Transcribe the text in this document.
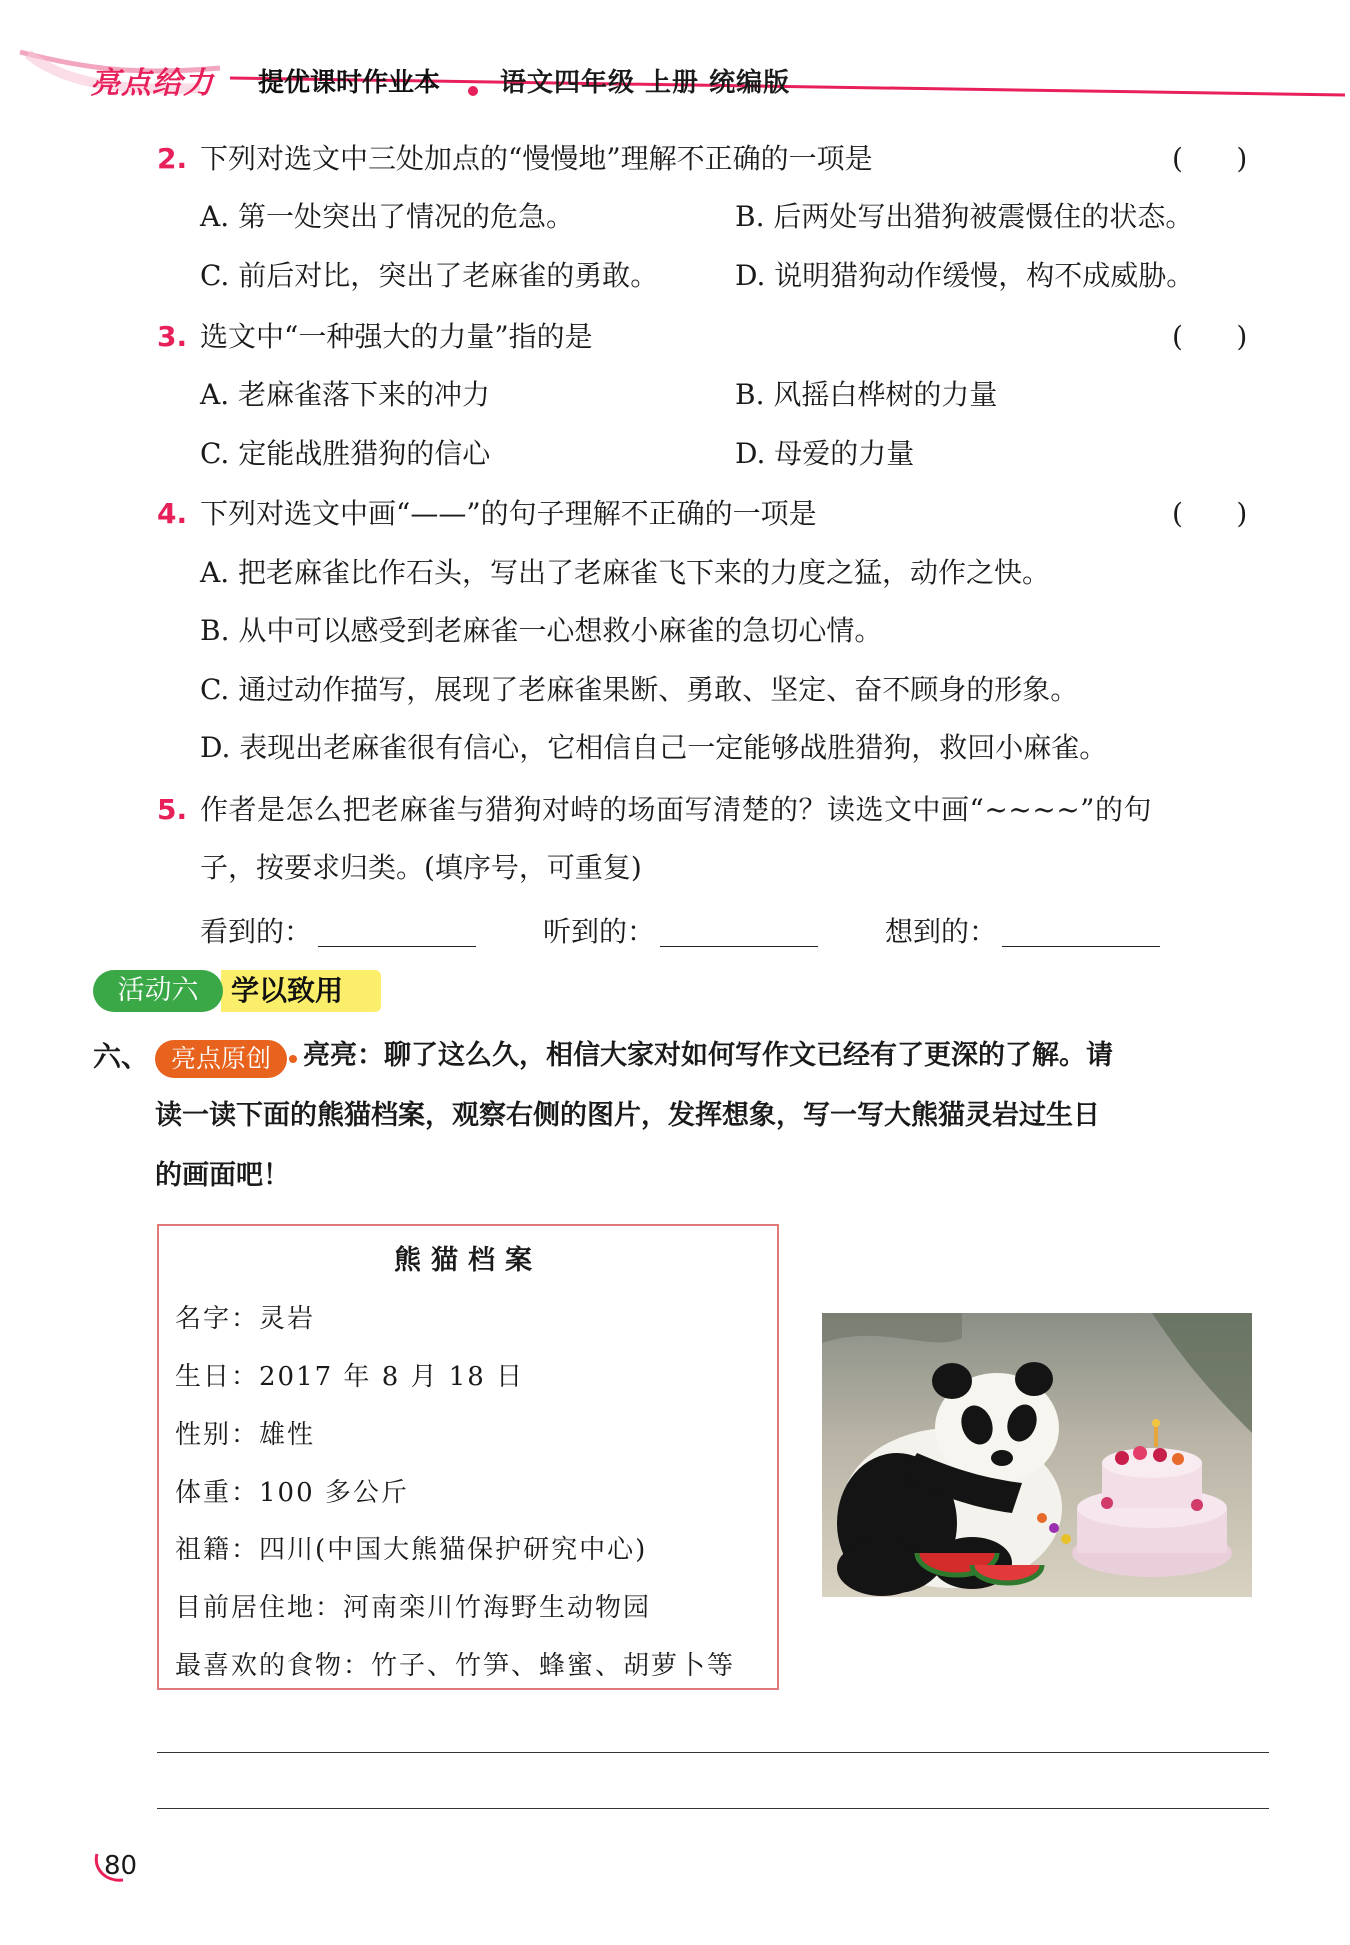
亮点给力 提优课时作业本 语文四年级 上册 统编版
2. 下列对选文中三处加点的“慢慢地”理解不正确的一项是	(      )
A. 第一处突出了情况的危急。	B. 后两处写出猎狗被震慑住的状态。
C. 前后对比，突出了老麻雀的勇敢。	D. 说明猎狗动作缓慢，构不成威胁。
3. 选文中“一种强大的力量”指的是	(      )
A. 老麻雀落下来的冲力	B. 风摇白桦树的力量
C. 定能战胜猎狗的信心	D. 母爱的力量
4. 下列对选文中画“——”的句子理解不正确的一项是	(      )
A. 把老麻雀比作石头，写出了老麻雀飞下来的力度之猛，动作之快。
B. 从中可以感受到老麻雀一心想救小麻雀的急切心情。
C. 通过动作描写，展现了老麻雀果断、勇敢、坚定、奋不顾身的形象。
D. 表现出老麻雀很有信心，它相信自己一定能够战胜猎狗，救回小麻雀。
5. 作者是怎么把老麻雀与猎狗对峙的场面写清楚的？读选文中画“~~~~”的句
子，按要求归类。(填序号，可重复)
看到的：	听到的：	想到的：
学以致用
活动六
六、 亮点原创	亮亮：聊了这么久，相信大家对如何写作文已经有了更深的了解。请
读一读下面的熊猫档案，观察右侧的图片，发挥想象，写一写大熊猫灵岩过生日
的画面吧！
熊猫档案
名字：灵岩
生日：2017 年 8 月 18 日
性别：雄性
体重：100 多公斤
祖籍：四川(中国大熊猫保护研究中心)
目前居住地：河南栾川竹海野生动物园
最喜欢的食物：竹子、竹笋、蜂蜜、胡萝卜等
80
